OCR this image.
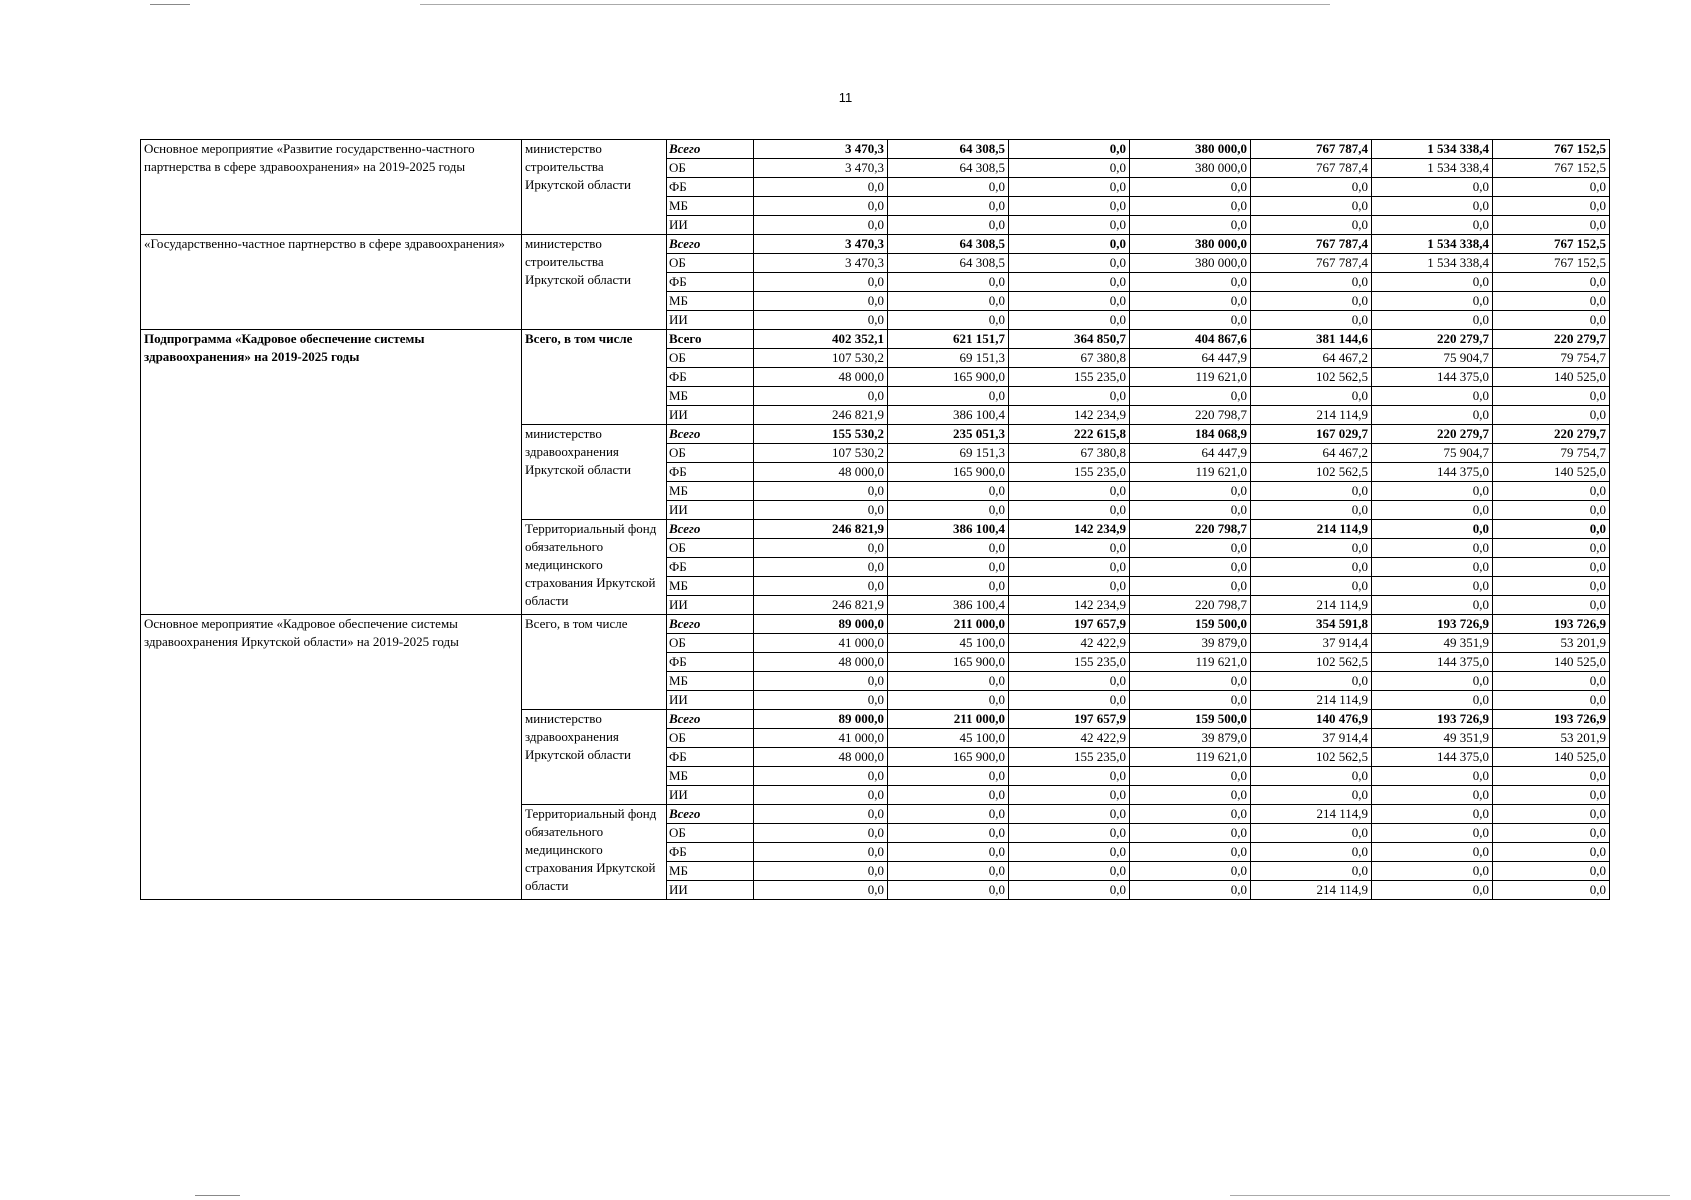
11
Основное мероприятие «Развитие государственно-частного партнерства в сфере здравоохранения» на 2019-2025 годы	министерство строительства Иркутской области	Всего	3 470,3	64 308,5	0,0	380 000,0	767 787,4	1 534 338,4	767 152,5
		ОБ	3 470,3	64 308,5	0,0	380 000,0	767 787,4	1 534 338,4	767 152,5
		ФБ	0,0	0,0	0,0	0,0	0,0	0,0	0,0
		МБ	0,0	0,0	0,0	0,0	0,0	0,0	0,0
		ИИ	0,0	0,0	0,0	0,0	0,0	0,0	0,0
«Государственно-частное партнерство в сфере здравоохранения»	министерство строительства Иркутской области	Всего	3 470,3	64 308,5	0,0	380 000,0	767 787,4	1 534 338,4	767 152,5
		ОБ	3 470,3	64 308,5	0,0	380 000,0	767 787,4	1 534 338,4	767 152,5
		ФБ	0,0	0,0	0,0	0,0	0,0	0,0	0,0
		МБ	0,0	0,0	0,0	0,0	0,0	0,0	0,0
		ИИ	0,0	0,0	0,0	0,0	0,0	0,0	0,0
Подпрограмма «Кадровое обеспечение системы здравоохранения» на 2019-2025 годы	Всего, в том числе	Всего	402 352,1	621 151,7	364 850,7	404 867,6	381 144,6	220 279,7	220 279,7
		ОБ	107 530,2	69 151,3	67 380,8	64 447,9	64 467,2	75 904,7	79 754,7
		ФБ	48 000,0	165 900,0	155 235,0	119 621,0	102 562,5	144 375,0	140 525,0
		МБ	0,0	0,0	0,0	0,0	0,0	0,0	0,0
		ИИ	246 821,9	386 100,4	142 234,9	220 798,7	214 114,9	0,0	0,0
	министерство здравоохранения Иркутской области	Всего	155 530,2	235 051,3	222 615,8	184 068,9	167 029,7	220 279,7	220 279,7
		ОБ	107 530,2	69 151,3	67 380,8	64 447,9	64 467,2	75 904,7	79 754,7
		ФБ	48 000,0	165 900,0	155 235,0	119 621,0	102 562,5	144 375,0	140 525,0
		МБ	0,0	0,0	0,0	0,0	0,0	0,0	0,0
		ИИ	0,0	0,0	0,0	0,0	0,0	0,0	0,0
	Территориальный фонд обязательного медицинского страхования Иркутской области	Всего	246 821,9	386 100,4	142 234,9	220 798,7	214 114,9	0,0	0,0
		ОБ	0,0	0,0	0,0	0,0	0,0	0,0	0,0
		ФБ	0,0	0,0	0,0	0,0	0,0	0,0	0,0
		МБ	0,0	0,0	0,0	0,0	0,0	0,0	0,0
		ИИ	246 821,9	386 100,4	142 234,9	220 798,7	214 114,9	0,0	0,0
Основное мероприятие «Кадровое обеспечение системы здравоохранения Иркутской области» на 2019-2025 годы	Всего, в том числе	Всего	89 000,0	211 000,0	197 657,9	159 500,0	354 591,8	193 726,9	193 726,9
		ОБ	41 000,0	45 100,0	42 422,9	39 879,0	37 914,4	49 351,9	53 201,9
		ФБ	48 000,0	165 900,0	155 235,0	119 621,0	102 562,5	144 375,0	140 525,0
		МБ	0,0	0,0	0,0	0,0	0,0	0,0	0,0
		ИИ	0,0	0,0	0,0	0,0	214 114,9	0,0	0,0
	министерство здравоохранения Иркутской области	Всего	89 000,0	211 000,0	197 657,9	159 500,0	140 476,9	193 726,9	193 726,9
		ОБ	41 000,0	45 100,0	42 422,9	39 879,0	37 914,4	49 351,9	53 201,9
		ФБ	48 000,0	165 900,0	155 235,0	119 621,0	102 562,5	144 375,0	140 525,0
		МБ	0,0	0,0	0,0	0,0	0,0	0,0	0,0
		ИИ	0,0	0,0	0,0	0,0	0,0	0,0	0,0
	Территориальный фонд обязательного медицинского страхования Иркутской области	Всего	0,0	0,0	0,0	0,0	214 114,9	0,0	0,0
		ОБ	0,0	0,0	0,0	0,0	0,0	0,0	0,0
		ФБ	0,0	0,0	0,0	0,0	0,0	0,0	0,0
		МБ	0,0	0,0	0,0	0,0	0,0	0,0	0,0
		ИИ	0,0	0,0	0,0	0,0	214 114,9	0,0	0,0
